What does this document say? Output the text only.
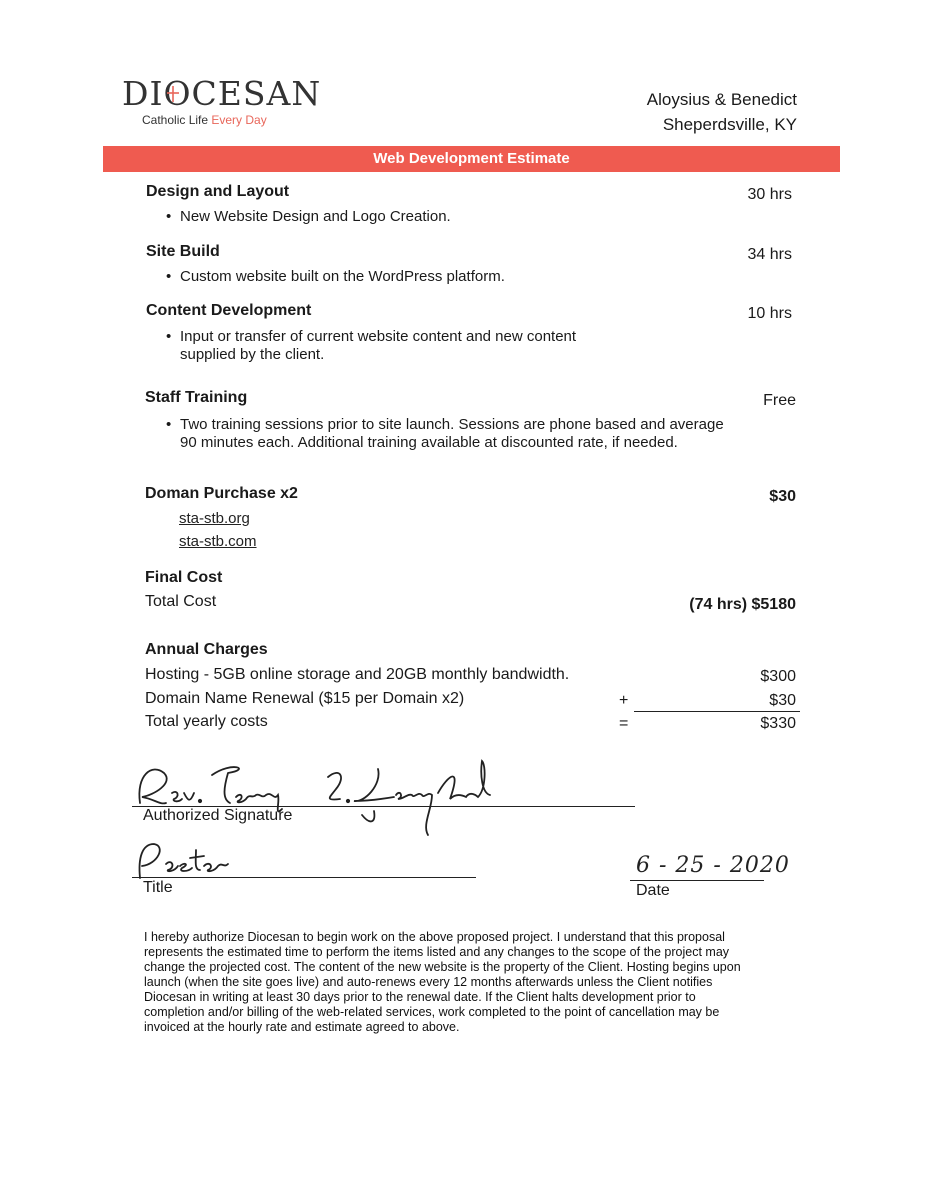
DIOCESAN
Catholic Life Every Day
Aloysius & Benedict
Sheperdsville, KY
Web Development Estimate
Design and Layout	30 hrs
• New Website Design and Logo Creation.
Site Build	34 hrs
• Custom website built on the WordPress platform.
Content Development	10 hrs
• Input or transfer of current website content and new content supplied by the client.
Staff Training	Free
• Two training sessions prior to site launch. Sessions are phone based and average 90 minutes each. Additional training available at discounted rate, if needed.
Doman Purchase x2	$30
sta-stb.org
sta-stb.com
Final Cost
Total Cost	(74 hrs) $5180
Annual Charges
Hosting - 5GB online storage and 20GB monthly bandwidth.	$300
Domain Name Renewal ($15 per Domain x2)	+	$30
Total yearly costs	=	$330
Authorized Signature
Title
6 - 25 - 2020
Date
I hereby authorize Diocesan to begin work on the above proposed project. I understand that this proposal
represents the estimated time to perform the items listed and any changes to the scope of the project may
change the projected cost. The content of the new website is the property of the Client. Hosting begins upon
launch (when the site goes live) and auto-renews every 12 months afterwards unless the Client notifies
Diocesan in writing at least 30 days prior to the renewal date. If the Client halts development prior to
completion and/or billing of the web-related services, work completed to the point of cancellation may be
invoiced at the hourly rate and estimate agreed to above.
